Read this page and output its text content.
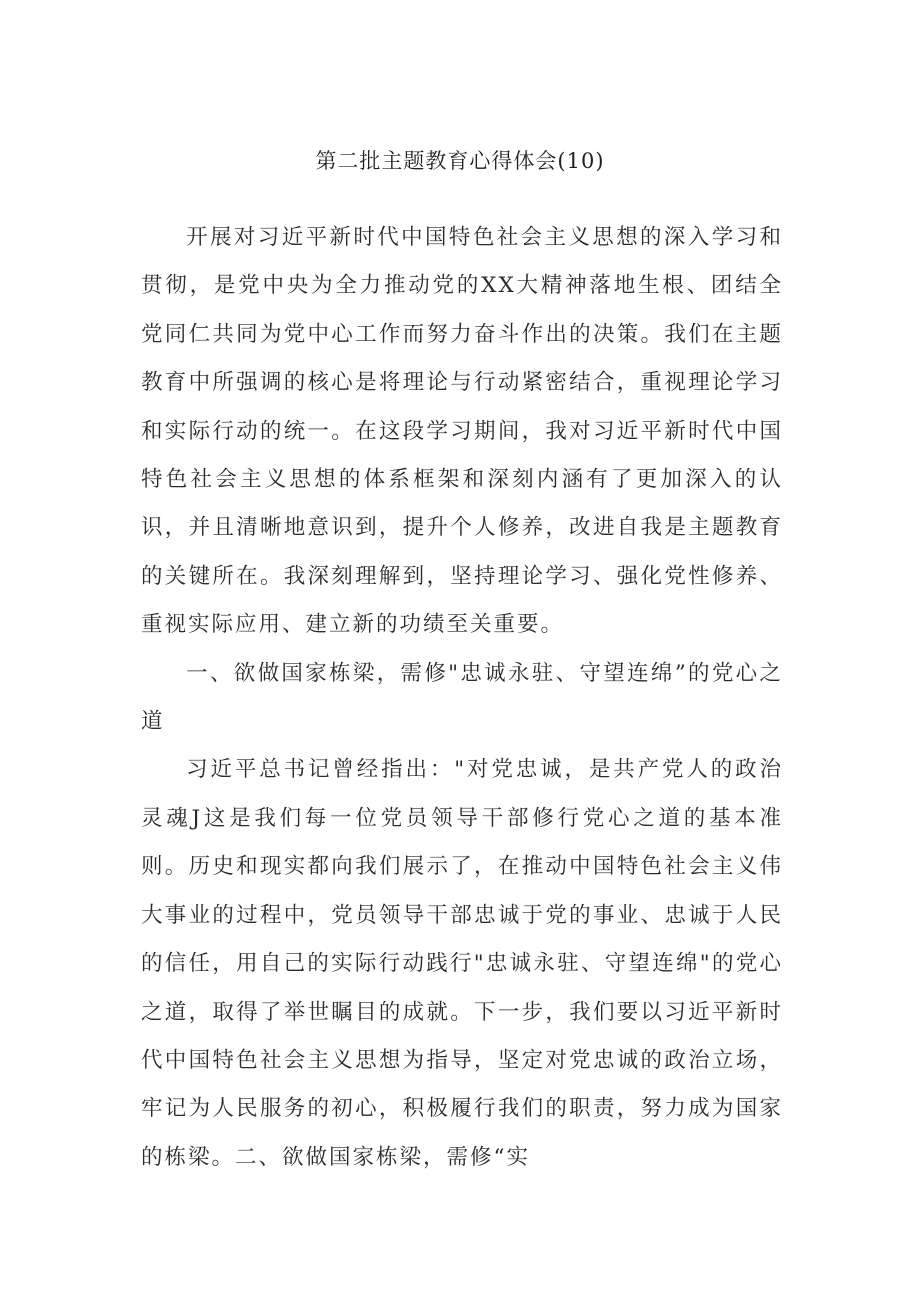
第二批主题教育心得体会(10)

开展对习近平新时代中国特色社会主义思想的深入学习和贯彻，是党中央为全力推动党的XX大精神落地生根、团结全党同仁共同为党中心工作而努力奋斗作出的决策。我们在主题教育中所强调的核心是将理论与行动紧密结合，重视理论学习和实际行动的统一。在这段学习期间，我对习近平新时代中国特色社会主义思想的体系框架和深刻内涵有了更加深入的认识，并且清晰地意识到，提升个人修养，改进自我是主题教育的关键所在。我深刻理解到，坚持理论学习、强化党性修养、重视实际应用、建立新的功绩至关重要。

一、欲做国家栋梁，需修"忠诚永驻、守望连绵”的党心之道

习近平总书记曾经指出："对党忠诚，是共产党人的政治灵魂J这是我们每一位党员领导干部修行党心之道的基本准则。历史和现实都向我们展示了，在推动中国特色社会主义伟大事业的过程中，党员领导干部忠诚于党的事业、忠诚于人民的信任，用自己的实际行动践行"忠诚永驻、守望连绵"的党心之道，取得了举世瞩目的成就。下一步，我们要以习近平新时代中国特色社会主义思想为指导，坚定对党忠诚的政治立场，牢记为人民服务的初心，积极履行我们的职责，努力成为国家的栋梁。二、欲做国家栋梁，需修“实
